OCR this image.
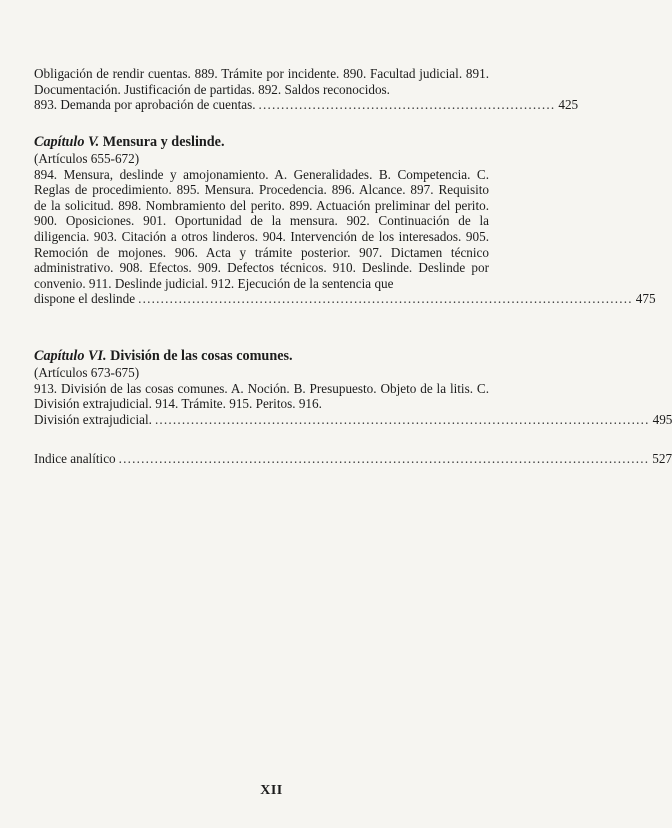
Obligación de rendir cuentas. 889. Trámite por incidente. 890. Facultad judicial. 891. Documentación. Justificación de partidas. 892. Saldos reconocidos.

893. Demanda por aprobación de cuentas. .................................................................. 425

Capítulo V. Mensura y deslinde.

(Artículos 655-672)

894. Mensura, deslinde y amojonamiento. A. Generalidades. B. Competencia. C. Reglas de procedimiento. 895. Mensura. Procedencia. 896. Alcance. 897. Requisito de la solicitud. 898. Nombramiento del perito. 899. Actuación preliminar del perito. 900. Oposiciones. 901. Oportunidad de la mensura. 902. Continuación de la diligencia. 903. Citación a otros linderos. 904. Intervención de los interesados. 905. Remoción de mojones. 906. Acta y trámite posterior. 907. Dictamen técnico administrativo. 908. Efectos. 909. Defectos técnicos. 910. Deslinde. Deslinde por convenio. 911. Deslinde judicial. 912. Ejecución de la sentencia que

dispone el deslinde .............................................................................................................. 475

Capítulo VI. División de las cosas comunes.

(Artículos 673-675)

913. División de las cosas comunes. A. Noción. B. Presupuesto. Objeto de la litis. C. División extrajudicial. 914. Trámite. 915. Peritos. 916.

División extrajudicial. .............................................................................................................. 495
Indice analítico ...................................................................................................................... 527
XII
